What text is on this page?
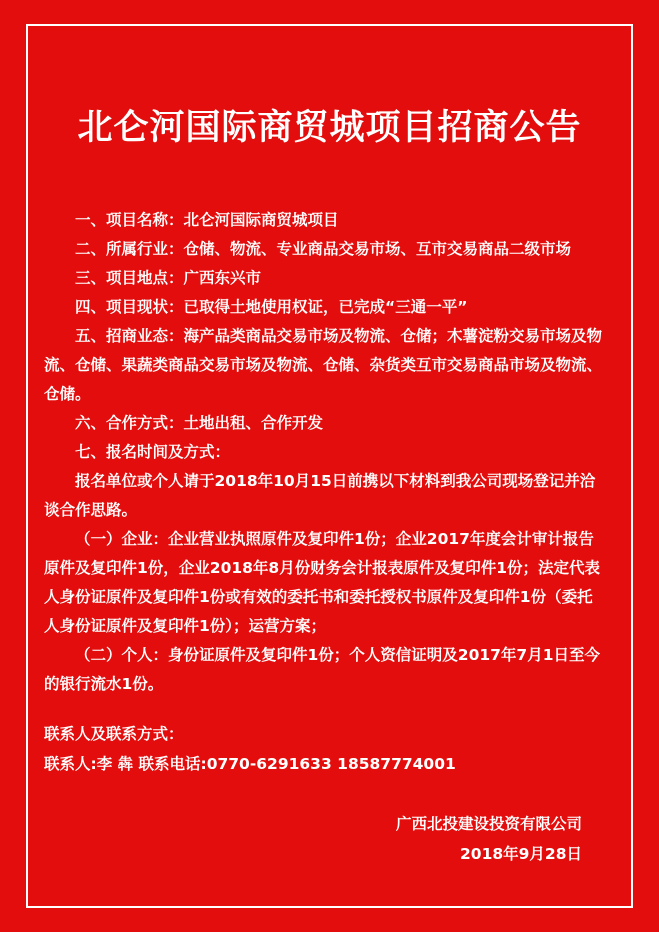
北仑河国际商贸城项目招商公告

一、项目名称：北仑河国际商贸城项目

二、所属行业：仓储、物流、专业商品交易市场、互市交易商品二级市场

三、项目地点：广西东兴市

四、项目现状：已取得土地使用权证，已完成“三通一平”

五、招商业态：海产品类商品交易市场及物流、仓储；木薯淀粉交易市场及物流、仓储、果蔬类商品交易市场及物流、仓储、杂货类互市交易商品市场及物流、仓储。

六、合作方式：土地出租、合作开发

七、报名时间及方式：

报名单位或个人请于2018年10月15日前携以下材料到我公司现场登记并洽谈合作思路。

（一）企业：企业营业执照原件及复印件1份；企业2017年度会计审计报告原件及复印件1份，企业2018年8月份财务会计报表原件及复印件1份；法定代表人身份证原件及复印件1份或有效的委托书和委托授权书原件及复印件1份（委托人身份证原件及复印件1份）；运营方案；

（二）个人：身份证原件及复印件1份；个人资信证明及2017年7月1日至今的银行流水1份。

联系人及联系方式：

联系人:李 犇 联系电话:0770-6291633 18587774001

广西北投建设投资有限公司

2018年9月28日
